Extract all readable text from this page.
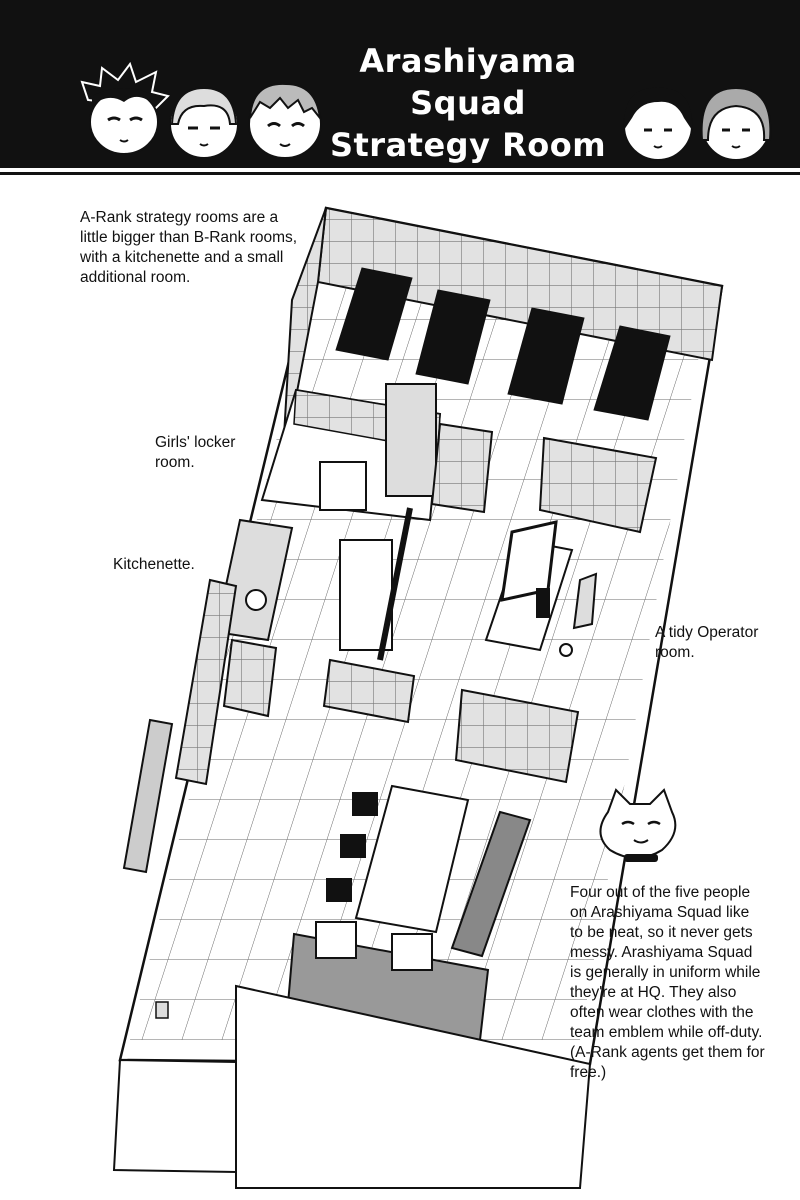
Arashiyama
Squad
Strategy Room
A-Rank strategy rooms are a little bigger than B-Rank rooms, with a kitchenette and a small additional room.
Girls' locker room.
Kitchenette.
A tidy Operator room.
Four out of the five people on Arashiyama Squad like to be neat, so it never gets messy. Arashiyama Squad is generally in uniform while they're at HQ. They also often wear clothes with the team emblem while off-duty. (A-Rank agents get them for free.)
